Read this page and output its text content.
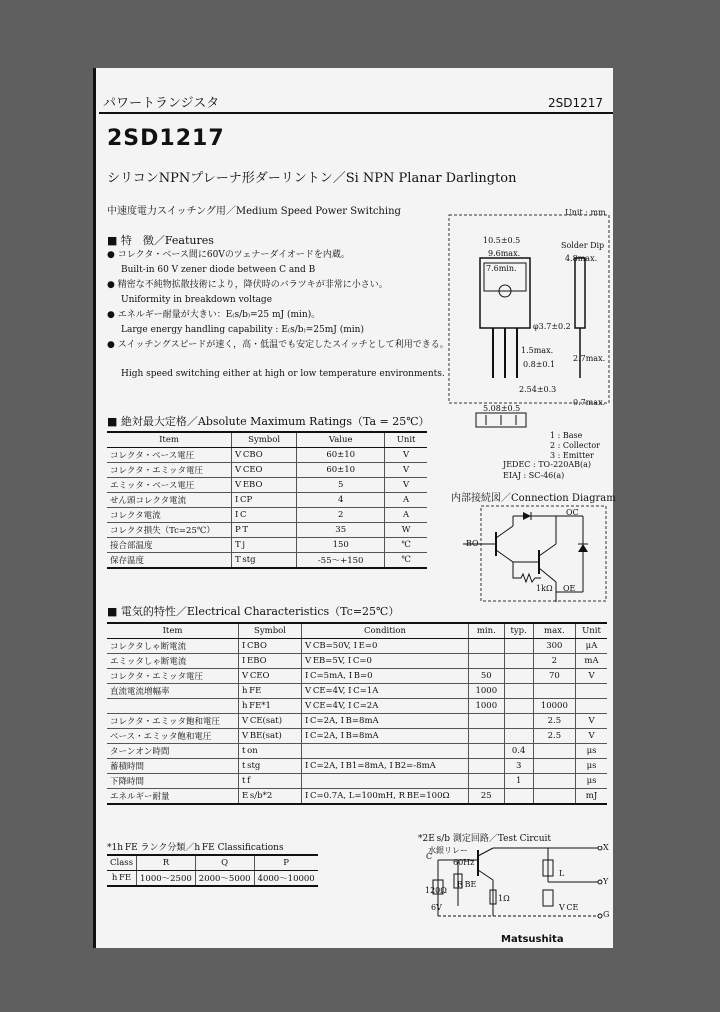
パワートランジスタ	2SD1217
2SD1217
シリコンNPNプレーナ形ダーリントン／Si NPN Planar Darlington
中速度電力スイッチング用／Medium Speed Power Switching
■ 特　徴／Features
● コレクタ・ベース間に60Vのツェナーダイオードを内蔵。
Built-in 60 V zener diode between C and B
● 精密な不純物拡散技術により，降伏時のバラツキが非常に小さい。
Uniformity in breakdown voltage
● エネルギー耐量が大きい：E₍s/b₎=25 mJ (min)。
Large energy handling capability : E₍s/b₎=25mJ (min)
● スイッチングスピードが速く，高・低温でも安定したスイッチとして利用できる。
High speed switching either at high or low temperature environments.
■ 絶対最大定格／Absolute Maximum Ratings（Ta = 25℃）
Item	Symbol	Value	Unit
コレクタ・ベース電圧	V CBO	60±10	V
コレクタ・エミッタ電圧	V CEO	60±10	V
エミッタ・ベース電圧	V EBO	5	V
せん頭コレクタ電流	I CP	4	A
コレクタ電流	I C	2	A
コレクタ損失（Tc=25℃）	P T	35	W
接合部温度	T j	150	℃
保存温度	T stg	-55～+150	℃
Unit : mm
10.5±0.5
9.6max.
7.6min.
Solder Dip
4.8max.
φ3.7±0.2
1.5max.
0.8±0.1
2.54±0.3
5.08±0.5
2.7max.
0.7max.
1 : Base
2 : Collector
3 : Emitter
JEDEC : TO-220AB(a)
EIAJ : SC-46(a)
内部接続図／Connection Diagram
OC
BO
1kΩ OE
■ 電気的特性／Electrical Characteristics（Tc=25℃）
Item	Symbol	Condition	min.	typ.	max.	Unit
コレクタしゃ断電流	I CBO	V CB=50V, I E=0			300	μA
エミッタしゃ断電流	I EBO	V EB=5V, I C=0			2	mA
コレクタ・エミッタ電圧	V CEO	I C=5mA, I B=0	50		70	V
直流電流増幅率	h FE	V CE=4V, I C=1A	1000			
	h FE*1	V CE=4V, I C=2A	1000		10000	
コレクタ・エミッタ飽和電圧	V CE(sat)	I C=2A, I B=8mA			2.5	V
ベース・エミッタ飽和電圧	V BE(sat)	I C=2A, I B=8mA			2.5	V
ターンオン時間	t on			0.4		μs
蓄積時間	t stg	I C=2A, I B1=8mA, I B2=-8mA		3		μs
下降時間	t f			1		μs
エネルギー耐量	E s/b*2	I C=0.7A, L=100mH, R BE=100Ω	25			mJ
*1h FE ランク分類／h FE Classifications
Class	R	Q	P
h FE	1000～2500	2000～5000	4000～10000
*2E s/b 測定回路／Test Circuit
水銀リレー
60Hz
C
120Ω
R BE
1Ω
6V
L
V CE
X
Y
G
Matsushita
